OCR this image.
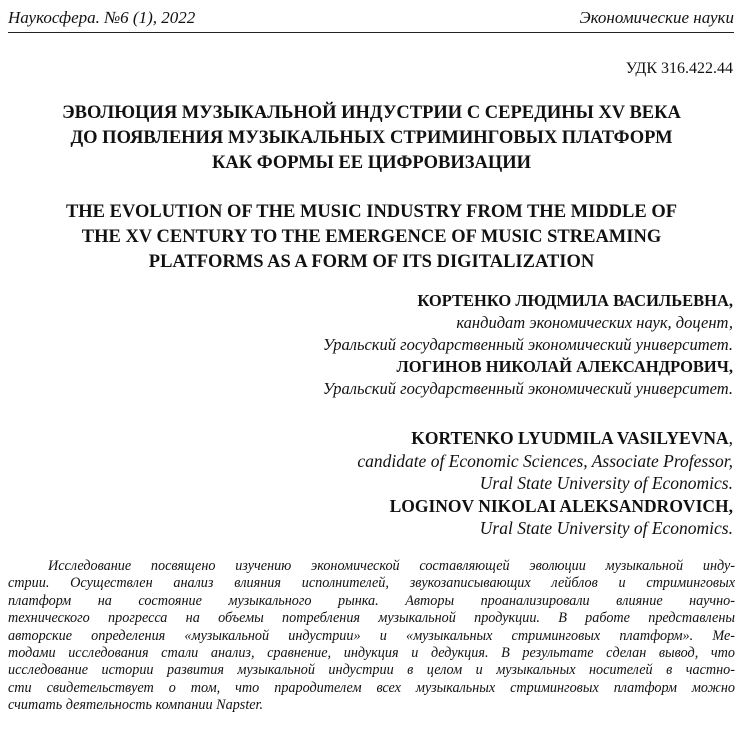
Наукосфера. №6 (1), 2022	Экономические науки
УДК 316.422.44
ЭВОЛЮЦИЯ МУЗЫКАЛЬНОЙ ИНДУСТРИИ С СЕРЕДИНЫ XV ВЕКА
ДО ПОЯВЛЕНИЯ МУЗЫКАЛЬНЫХ СТРИМИНГОВЫХ ПЛАТФОРМ
КАК ФОРМЫ ЕЕ ЦИФРОВИЗАЦИИ
THE EVOLUTION OF THE MUSIC INDUSTRY FROM THE MIDDLE OF
THE XV CENTURY TO THE EMERGENCE OF MUSIC STREAMING
PLATFORMS AS A FORM OF ITS DIGITALIZATION
КОРТЕНКО ЛЮДМИЛА ВАСИЛЬЕВНА,
кандидат экономических наук, доцент,
Уральский государственный экономический университет.
ЛОГИНОВ НИКОЛАЙ АЛЕКСАНДРОВИЧ,
Уральский государственный экономический университет.
KORTENKO LYUDMILA VASILYEVNA,
candidate of Economic Sciences, Associate Professor,
Ural State University of Economics.
LOGINOV NIKOLAI ALEKSANDROVICH,
Ural State University of Economics.
Исследование посвящено изучению экономической составляющей эволюции музыкальной инду-
стрии. Осуществлен анализ влияния исполнителей, звукозаписывающих лейблов и стриминговых
платформ на состояние музыкального рынка. Авторы проанализировали влияние научно-
технического прогресса на объемы потребления музыкальной продукции. В работе представлены
авторские определения «музыкальной индустрии» и «музыкальных стриминговых платформ». Ме-
тодами исследования стали анализ, сравнение, индукция и дедукция. В результате сделан вывод, что
исследование истории развития музыкальной индустрии в целом и музыкальных носителей в частно-
сти свидетельствует о том, что прародителем всех музыкальных стриминговых платформ можно
считать деятельность компании Napster.
